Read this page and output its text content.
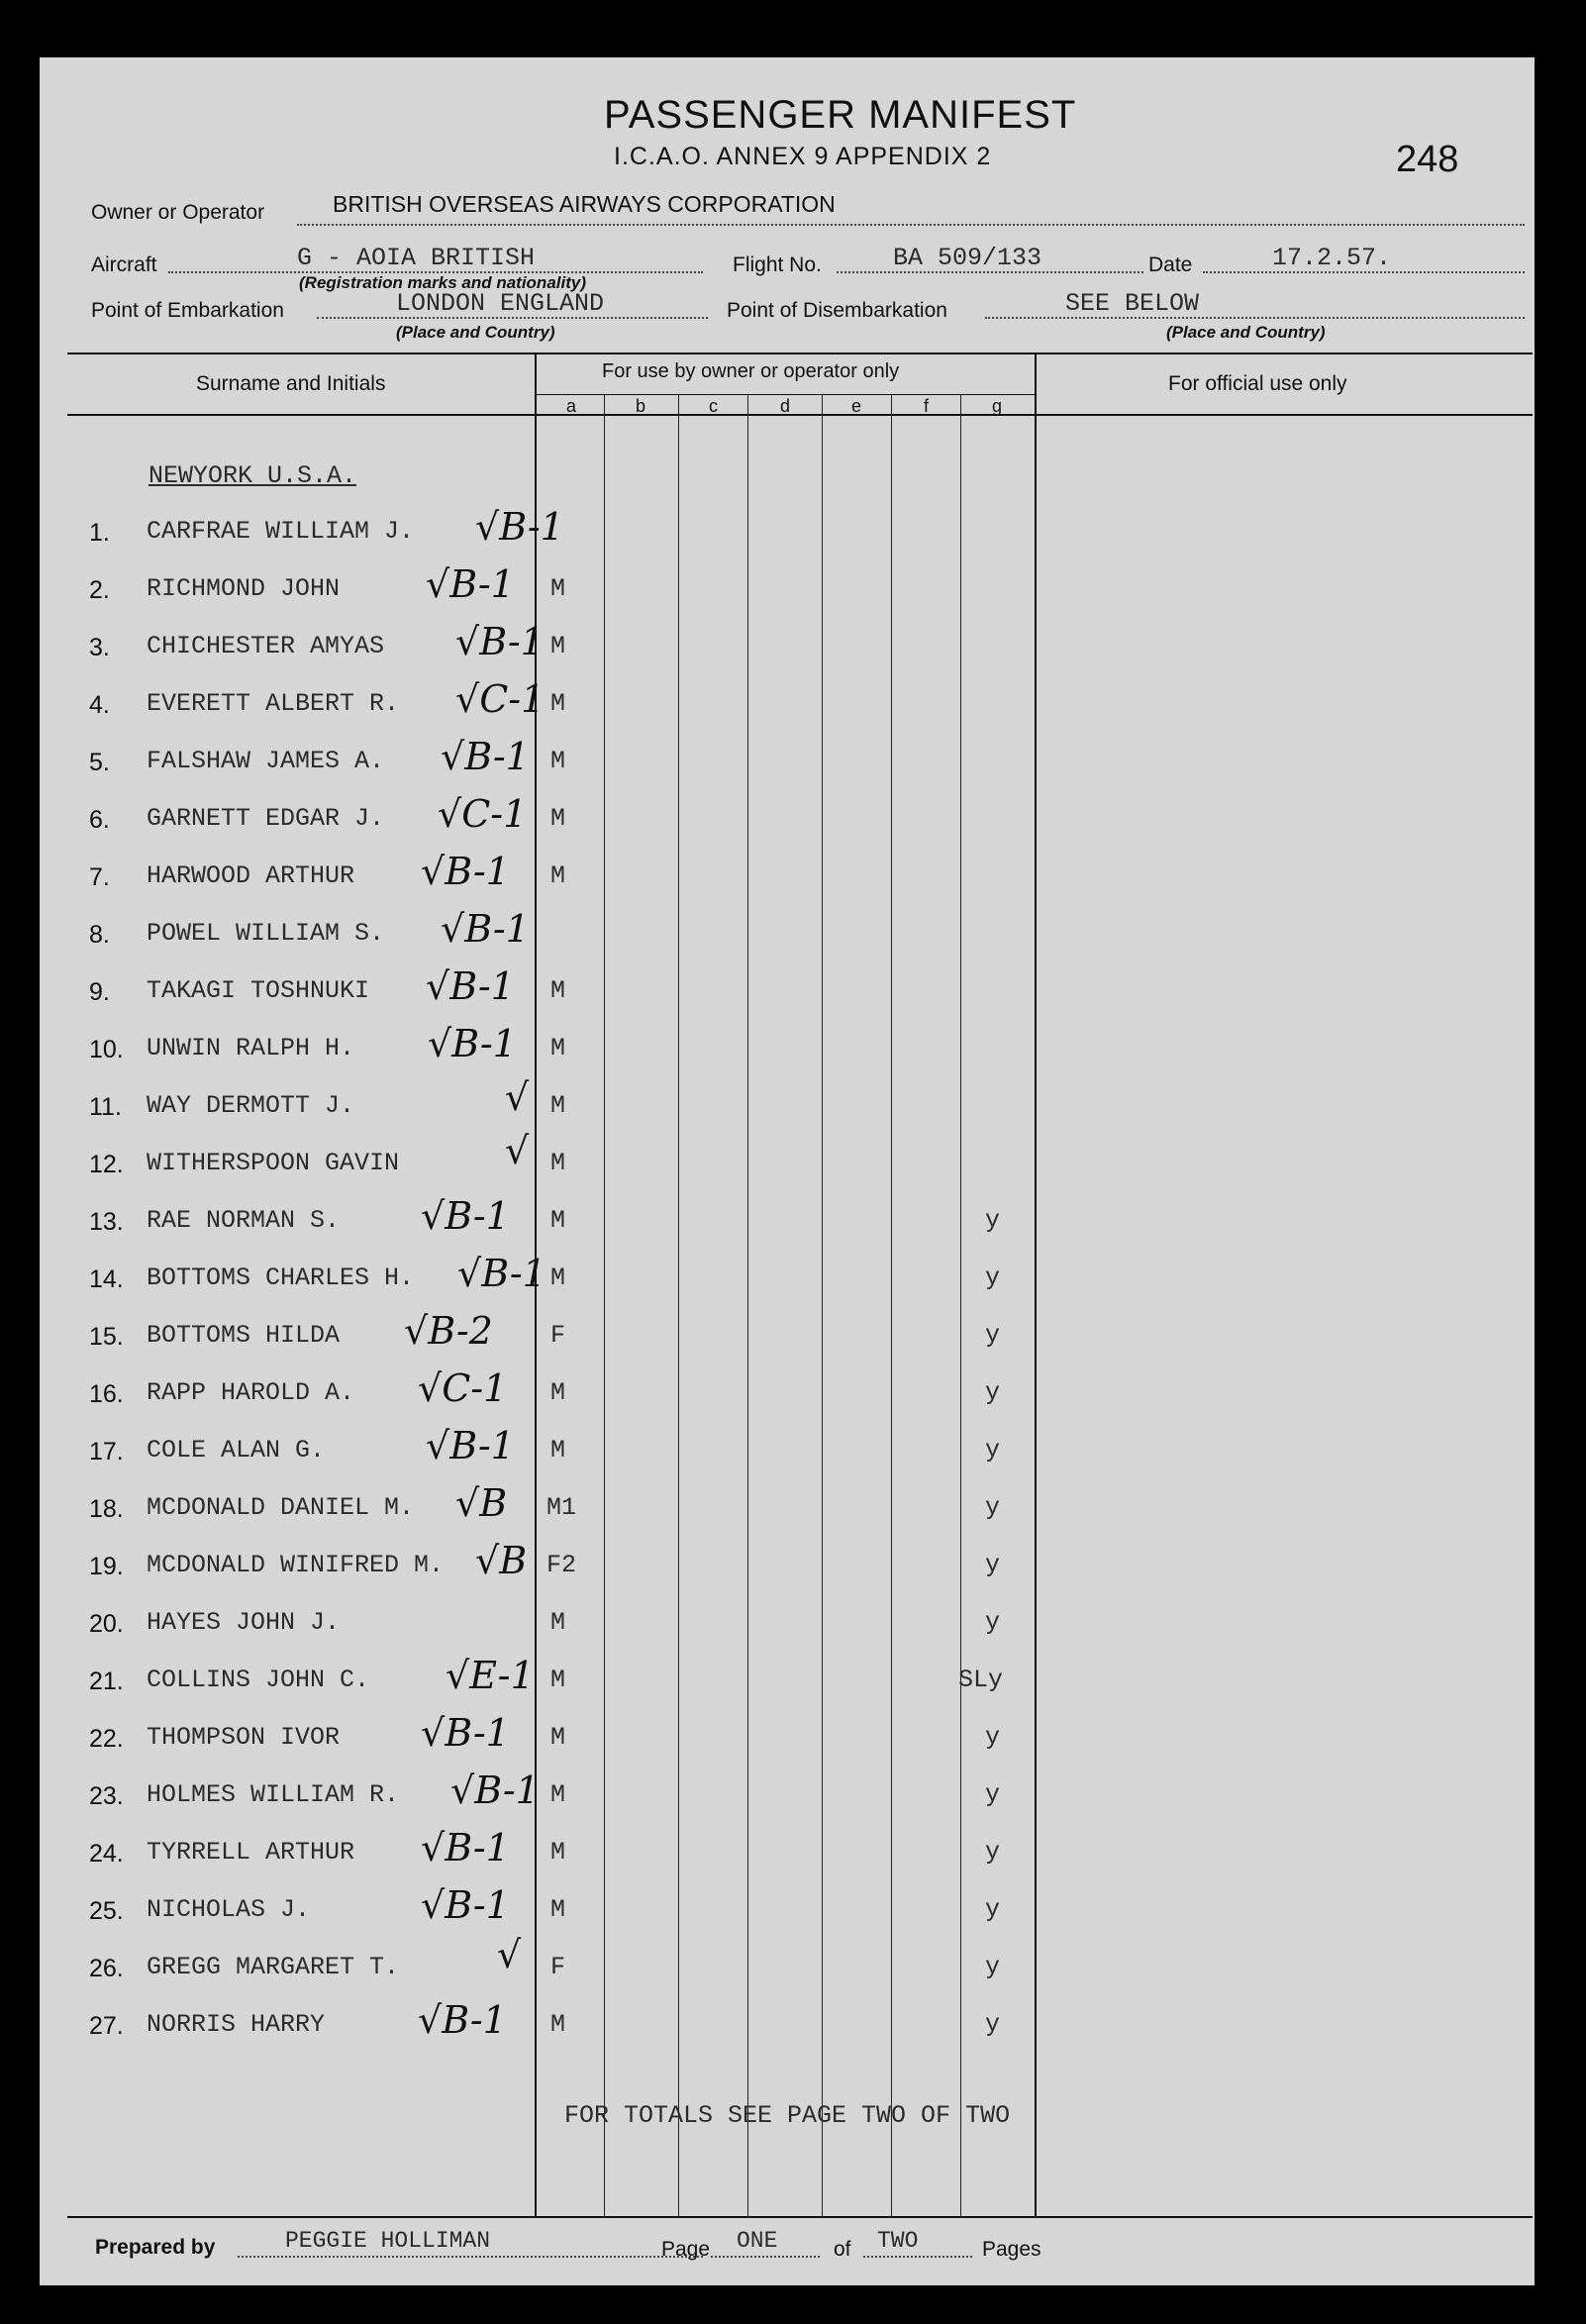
PASSENGER MANIFEST
I.C.A.O. ANNEX 9 APPENDIX 2	248
Owner or Operator	BRITISH OVERSEAS AIRWAYS CORPORATION
Aircraft	G - AOIA BRITISH
(Registration marks and nationality)
Flight No.	BA 509/133	Date	17.2.57.
Point of Embarkation	LONDON ENGLAND
(Place and Country)
Point of Disembarkation	SEE BELOW
(Place and Country)
Surname and Initials
For use by owner or operator only
For official use only
a	b	c	d	e	f	g
NEWYORK U.S.A.
1. CARFRAE WILLIAM J. √B-1
2. RICHMOND JOHN √B-1 M
3. CHICHESTER AMYAS √B-1 M
4. EVERETT ALBERT R. √C-1 M
5. FALSHAW JAMES A. √B-1 M
6. GARNETT EDGAR J. √C-1 M
7. HARWOOD ARTHUR √B-1 M
8. POWEL WILLIAM S. √B-1
9. TAKAGI TOSHNUKI √B-1 M
10. UNWIN RALPH H. √B-1 M
11. WAY DERMOTT J.	√ M
12. WITHERSPOON GAVIN	√ M
13. RAE NORMAN S. √B-1 M	y
14. BOTTOMS CHARLES H. √B-1 M	y
15. BOTTOMS HILDA √B-2 F	y
16. RAPP HAROLD A. √C-1 M	y
17. COLE ALAN G.	√B-1 M	y
18. MCDONALD DANIEL M. √B M1	y
19. MCDONALD WINIFRED M. √B F2	y
20. HAYES JOHN J.	M	y
21. COLLINS JOHN C. √E-1 M	SLy
22. THOMPSON IVOR √B-1 M	y
23. HOLMES WILLIAM R. √B-1 M	y
24. TYRRELL ARTHUR √B-1 M	y
25. NICHOLAS J.	√B-1 M	y
26. GREGG MARGARET T.	√ F	y
27. NORRIS HARRY √B-1 M	y
FOR TOTALS SEE PAGE TWO OF TWO
Prepared by	PEGGIE HOLLIMAN	Page ONE	of TWO	Pages
